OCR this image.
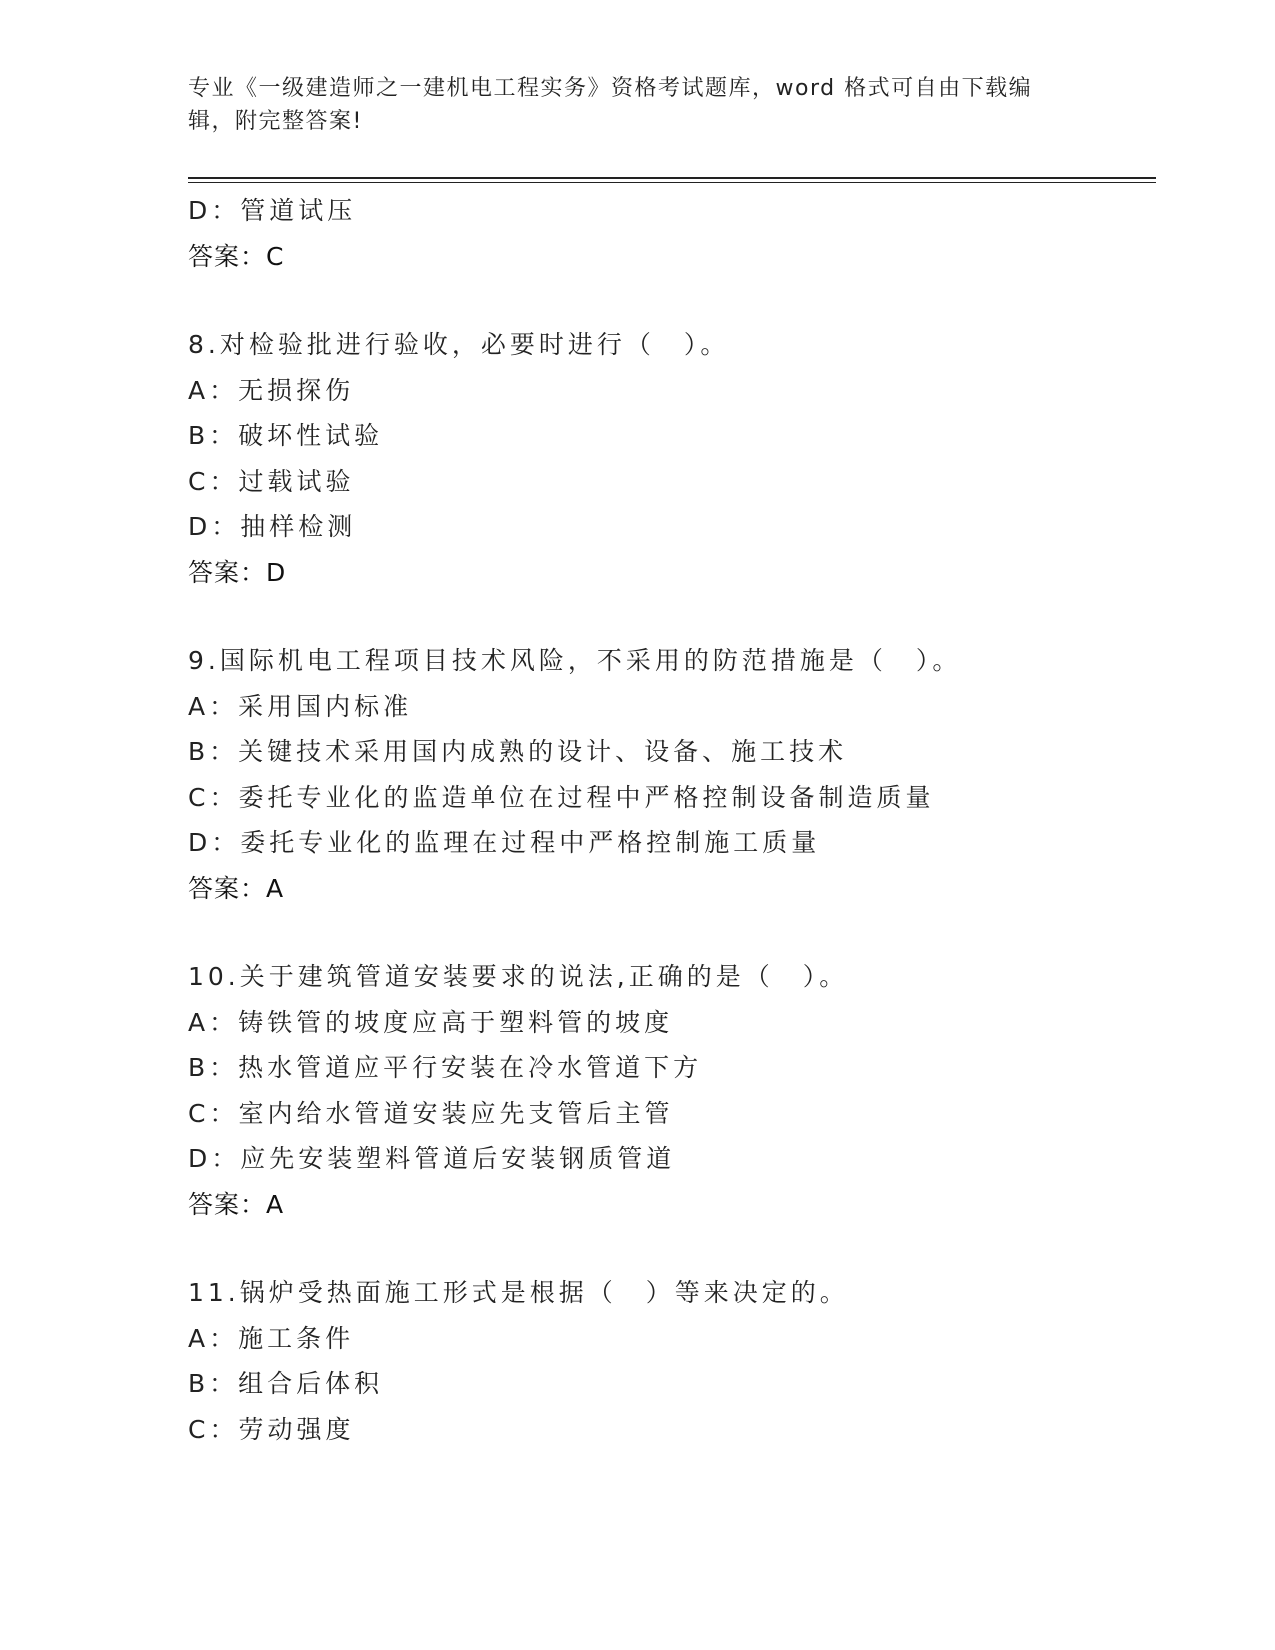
专业《一级建造师之一建机电工程实务》资格考试题库，word 格式可自由下载编
辑，附完整答案!
D：管道试压
答案：C
8.对检验批进行验收，必要时进行（　）。
A：无损探伤
B：破坏性试验
C：过载试验
D：抽样检测
答案：D
9.国际机电工程项目技术风险，不采用的防范措施是（　）。
A：采用国内标准
B：关键技术采用国内成熟的设计、设备、施工技术
C：委托专业化的监造单位在过程中严格控制设备制造质量
D：委托专业化的监理在过程中严格控制施工质量
答案：A
10.关于建筑管道安装要求的说法,正确的是（　）。
A：铸铁管的坡度应高于塑料管的坡度
B：热水管道应平行安装在冷水管道下方
C：室内给水管道安装应先支管后主管
D：应先安装塑料管道后安装钢质管道
答案：A
11.锅炉受热面施工形式是根据（　）等来决定的。
A：施工条件
B：组合后体积
C：劳动强度
